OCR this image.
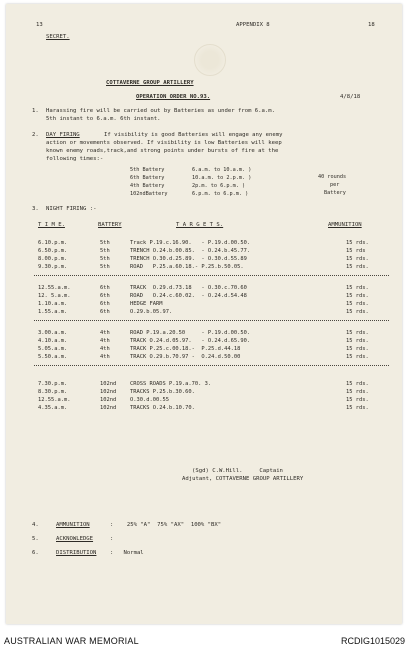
13	APPENDIX 8	18
SECRET.
COTTAVERNE GROUP ARTILLERY
OPERATION ORDER NO.93.	4/8/18
1. Harassing fire will be carried out by Batteries as under from 6.a.m.
5th instant to 6.a.m. 6th instant.
2. DAY FIRING	If visibility is good Batteries will engage any enemy
action or movements observed. If visibility is low Batteries will keep
known enemy roads,track,and strong points under bursts of fire at the
following times:-
5th Battery	6.a.m. to 10.a.m. )
6th Battery	10.a.m. to 2.p.m. )
4th Battery	2p.m. to 6.p.m. )
102ndBattery	6.p.m. to 6.p.m. )
40 rounds
per
Battery
3. NIGHT FIRING :-
T I M E.	BATTERY	T A R G E T S.	AMMUNITION
6.10.p.m.	5th	Track P.19.c.16.90.   - P.19.d.00.50.	15 rds.
6.50.p.m.	5th	TRENCH O.24.b.00.85.  - O.24.b.45.77.	15 rds
8.00.p.m.	5th	TRENCH O.30.d.25.89.  - O.30.d.55.89	15 rds.
9.30.p.m.	5th	ROAD   P.25.a.60.18.- P.25.b.50.05.	15 rds.
12.55.a.m.	6th	TRACK  O.29.d.73.18   - O.30.c.70.60	15 rds.
12. 5.a.m.	6th	ROAD   O.24.c.60.02.  - O.24.d.54.48	15 rds.
1.10.a.m.	6th	HEDGE FARM	15 rds.
1.55.a.m.	6th	O.29.b.05.97.	15 rds.
3.00.a.m.	4th	ROAD P.19.a.20.50     - P.19.d.00.50.	15 rds.
4.10.a.m.	4th	TRACK O.24.d.05.97.   - O.24.d.65.90.	15 rds.
5.05.a.m.	4th	TRACK P.25.c.00.18.-  P.25.d.44.18	15 rds.
5.50.a.m.	4th	TRACK O.29.b.70.97 -  O.24.d.50.00	15 rds.
7.30.p.m.	102nd	CROSS ROADS P.19.a.70. 3.	15 rds.
8.30.p.m.	102nd	TRACKS P.25.b.30.60.	15 rds.
12.55.a.m.	102nd	O.30.d.00.55	15 rds.
4.35.a.m.	102nd	TRACKS O.24.b.10.70.	15 rds.
4.	AMMUNITION	:    25% "A"  75% "AX"  100% "BX"
5.	ACKNOWLEDGE	:
6.	DISTRIBUTION :   Normal
(Sgd) C.W.Hill.     Captain
Adjutant, COTTAVERNE GROUP ARTILLERY
AUSTRALIAN WAR MEMORIAL	RCDIG1015029
